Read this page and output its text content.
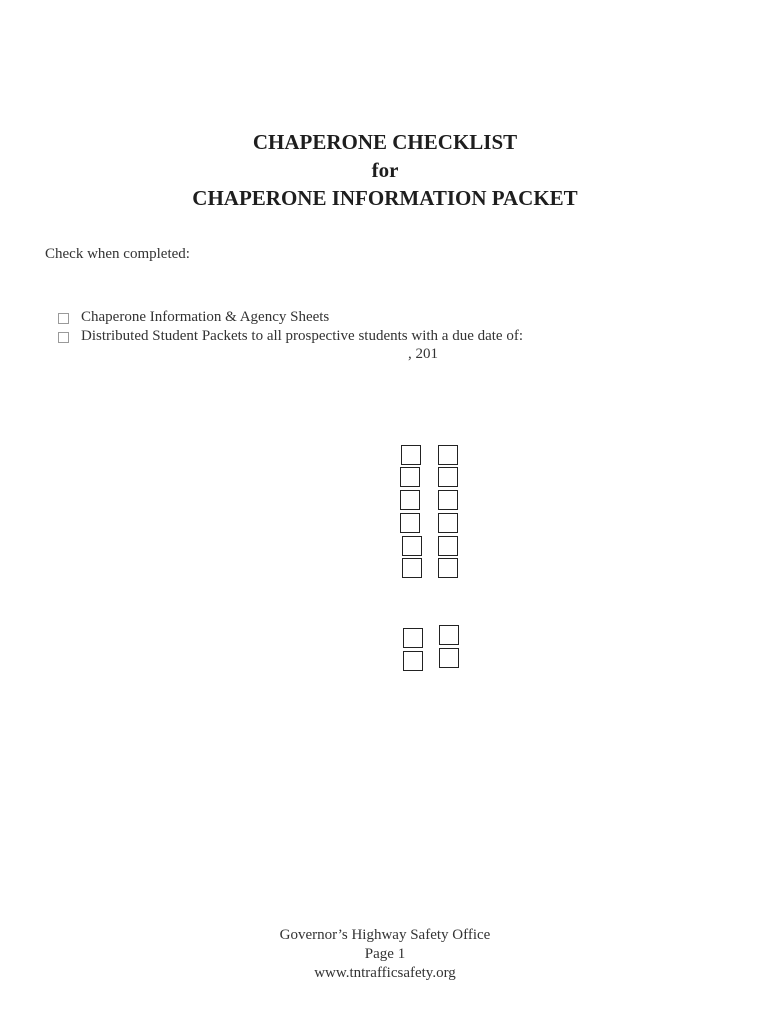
CHAPERONE CHECKLIST
for
CHAPERONE INFORMATION PACKET
Check when completed:
Chaperone Information & Agency Sheets
Distributed Student Packets to all prospective students with a due date of:
, 201
Governor’s Highway Safety Office
Page 1
www.tntrafficsafety.org
